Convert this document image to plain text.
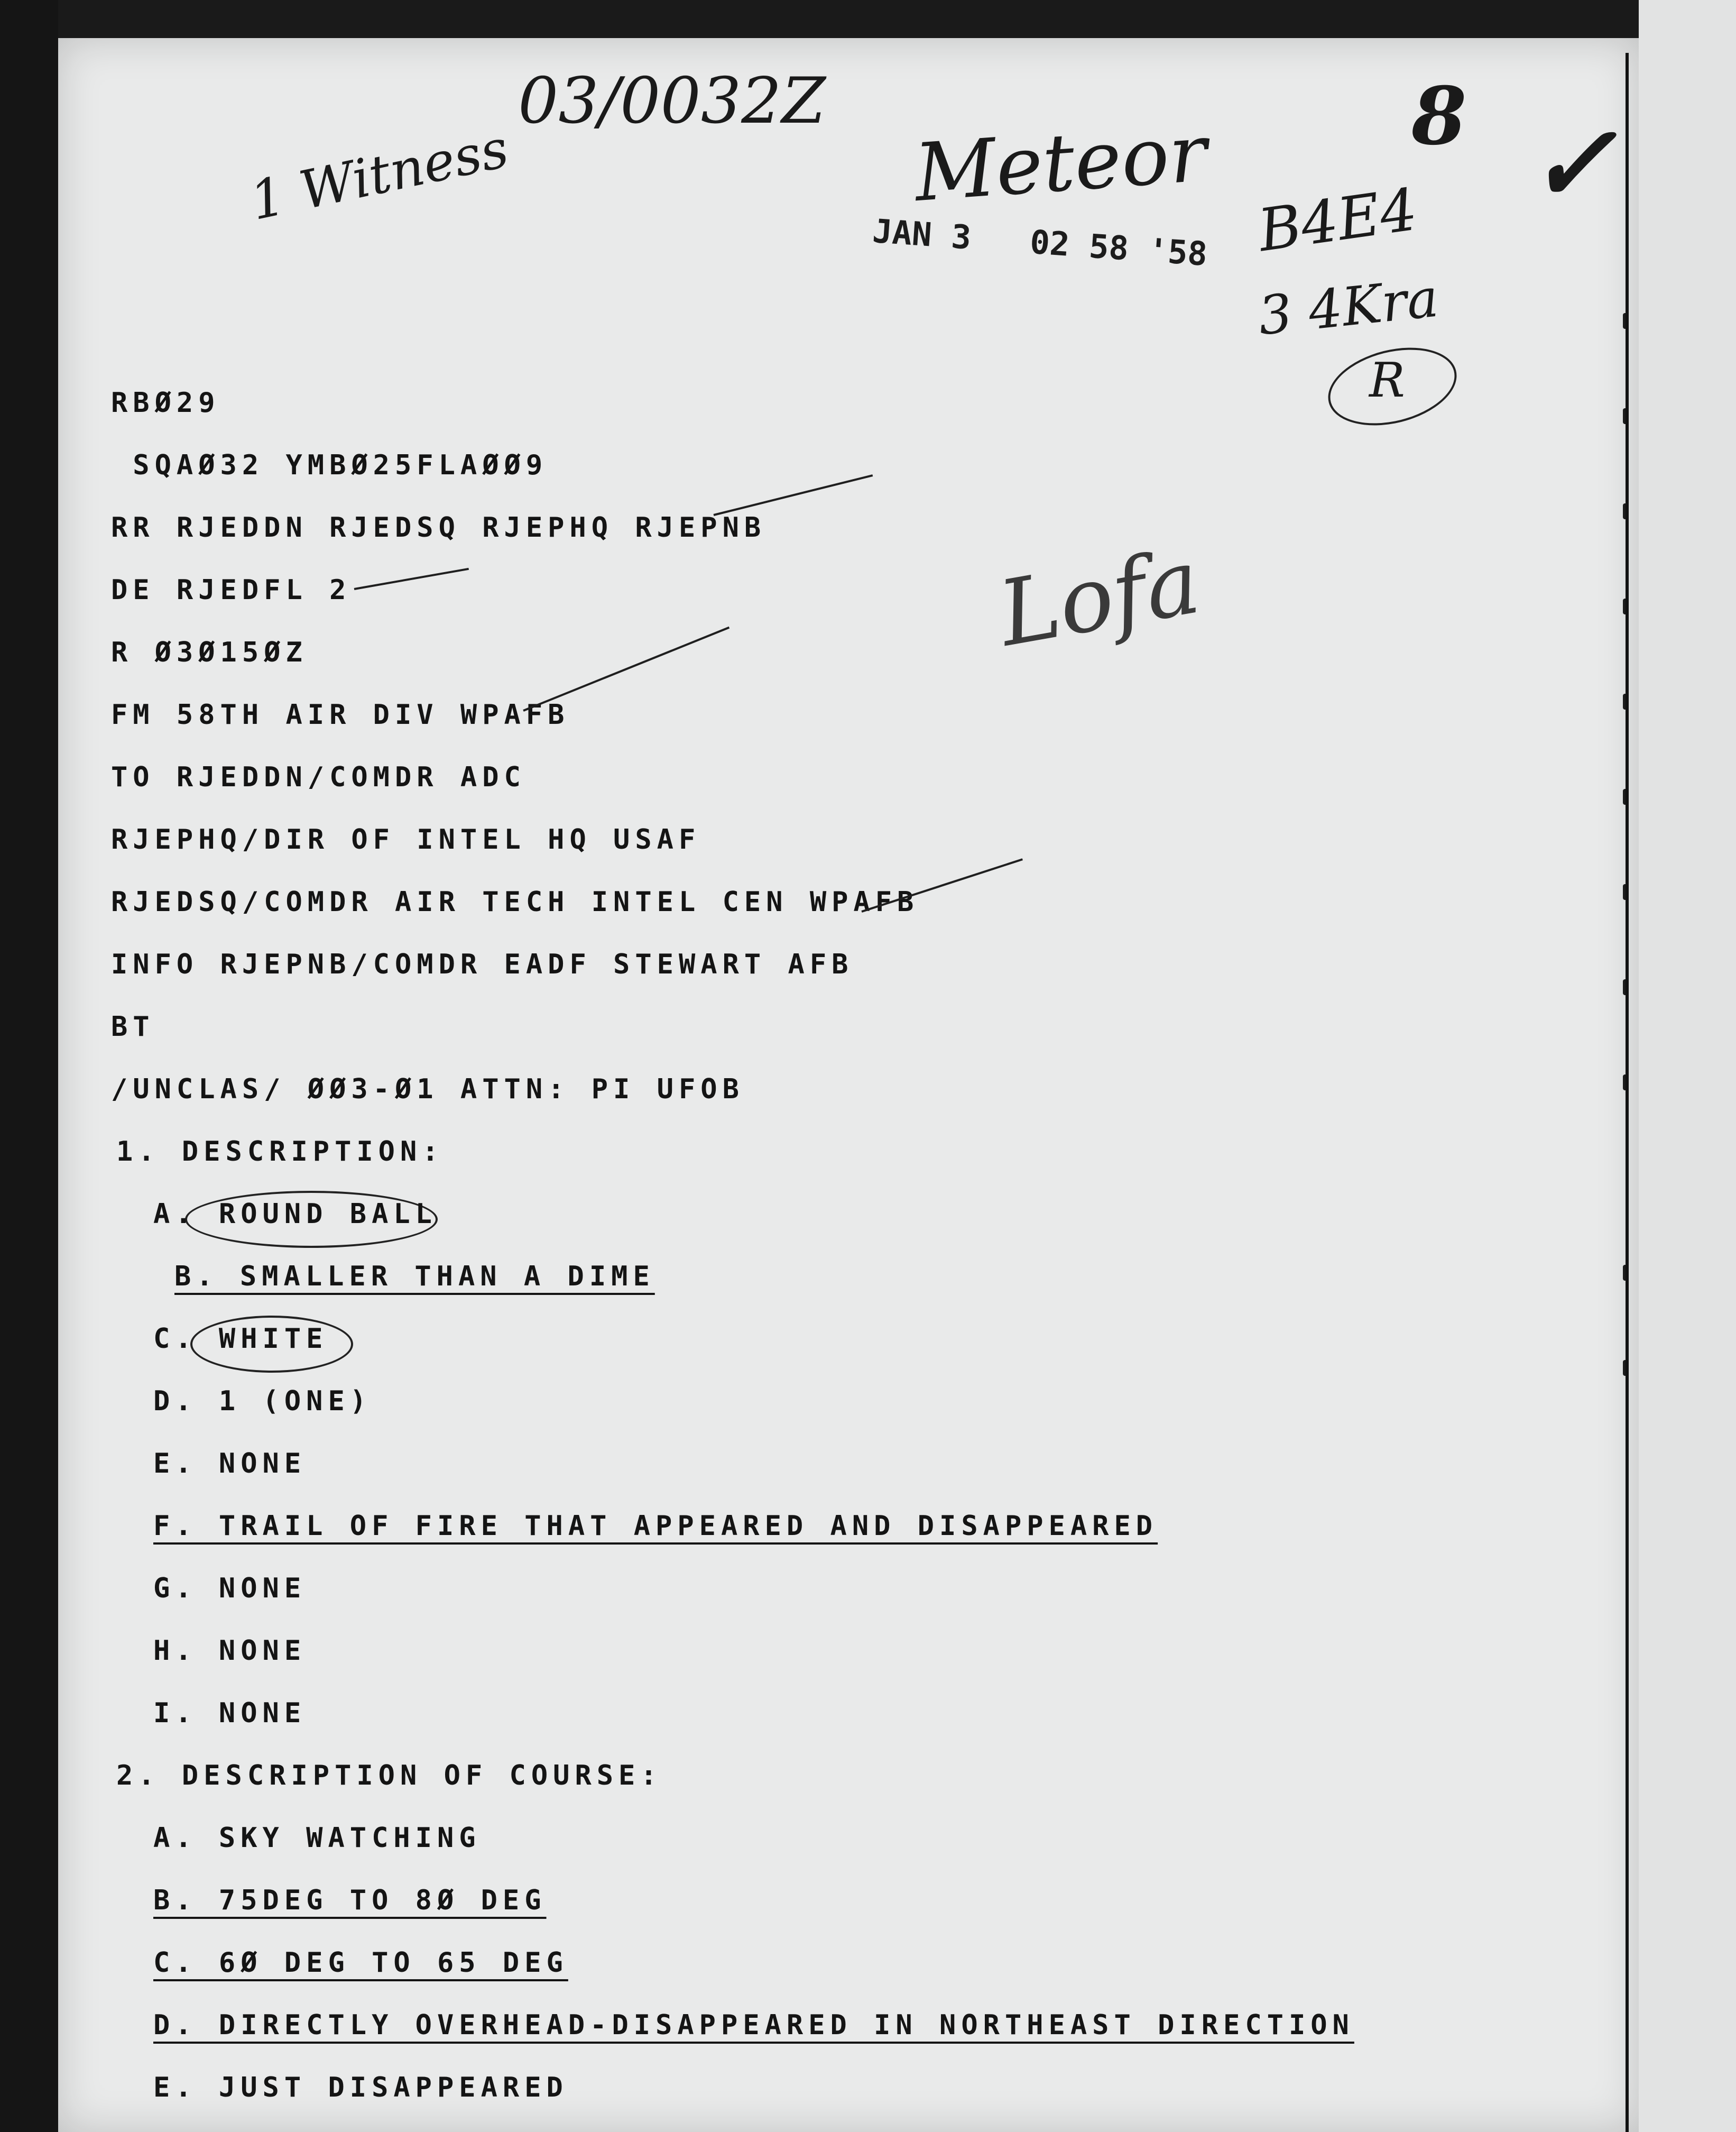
03/0032Z
1 Witness	Meteor	8 ✓
B4E4
3 4Kra
R
Lofa
JAN 3   02 58 '58
RBØ29
SQAØ32 YMBØ25FLAØØ9
RR RJEDDN RJEDSQ RJEPHQ RJEPNB
DE RJEDFL 2
R Ø3Ø15ØZ
FM 58TH AIR DIV WPAFB
TO RJEDDN/COMDR ADC
RJEPHQ/DIR OF INTEL HQ USAF
RJEDSQ/COMDR AIR TECH INTEL CEN WPAFB
INFO RJEPNB/COMDR EADF STEWART AFB
BT
/UNCLAS/ ØØ3-Ø1 ATTN: PI UFOB
1. DESCRIPTION:
A. ROUND BALL
B. SMALLER THAN A DIME
C. WHITE
D. 1 (ONE)
E. NONE
F. TRAIL OF FIRE THAT APPEARED AND DISAPPEARED
G. NONE
H. NONE
I. NONE
2. DESCRIPTION OF COURSE:
A. SKY WATCHING
B. 75DEG TO 8Ø DEG
C. 6Ø DEG TO 65 DEG
D. DIRECTLY OVERHEAD-DISAPPEARED IN NORTHEAST DIRECTION
E. JUST DISAPPEARED
